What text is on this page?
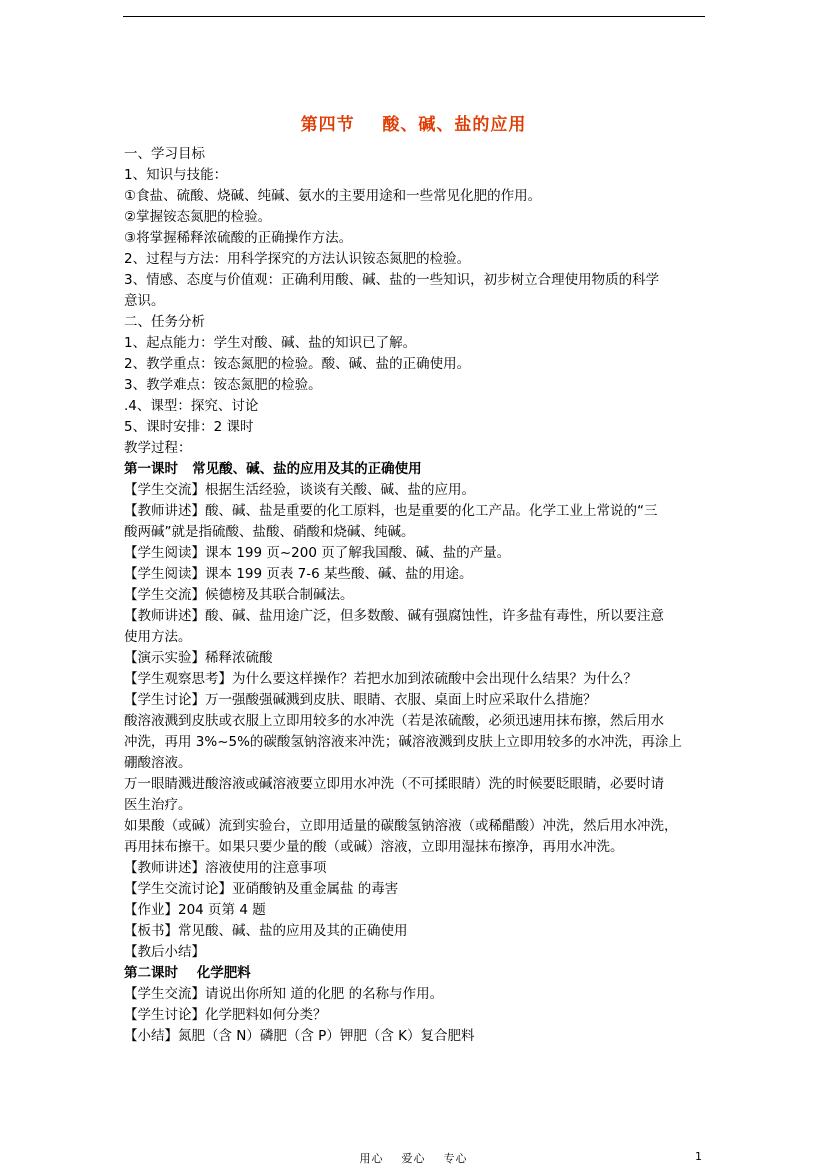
第四节    酸、碱、盐的应用
一、学习目标
1、知识与技能：
①食盐、硫酸、烧碱、纯碱、氨水的主要用途和一些常见化肥的作用。
②掌握铵态氮肥的检验。
③将掌握稀释浓硫酸的正确操作方法。
2、过程与方法：用科学探究的方法认识铵态氮肥的检验。
3、情感、态度与价值观：正确利用酸、碱、盐的一些知识，初步树立合理使用物质的科学
意识。
二、任务分析
1、起点能力：学生对酸、碱、盐的知识已了解。
2、教学重点：铵态氮肥的检验。酸、碱、盐的正确使用。
3、教学难点：铵态氮肥的检验。
.4、课型：探究、讨论
5、课时安排：2 课时
教学过程：
第一课时   常见酸、碱、盐的应用及其的正确使用
【学生交流】根据生活经验，谈谈有关酸、碱、盐的应用。
【教师讲述】酸、碱、盐是重要的化工原料，也是重要的化工产品。化学工业上常说的“三
酸两碱”就是指硫酸、盐酸、硝酸和烧碱、纯碱。
【学生阅读】课本 199 页~200 页了解我国酸、碱、盐的产量。
【学生阅读】课本 199 页表 7-6 某些酸、碱、盐的用途。
【学生交流】候德榜及其联合制碱法。
【教师讲述】酸、碱、盐用途广泛，但多数酸、碱有强腐蚀性，许多盐有毒性，所以要注意
使用方法。
【演示实验】稀释浓硫酸
【学生观察思考】为什么要这样操作？若把水加到浓硫酸中会出现什么结果？为什么？
【学生讨论】万一强酸强碱溅到皮肤、眼睛、衣服、桌面上时应采取什么措施？
酸溶液溅到皮肤或衣服上立即用较多的水冲洗（若是浓硫酸，必须迅速用抹布擦，然后用水
冲洗，再用 3%~5%的碳酸氢钠溶液来冲洗；碱溶液溅到皮肤上立即用较多的水冲洗，再涂上
硼酸溶液。
万一眼睛溅进酸溶液或碱溶液要立即用水冲洗（不可揉眼睛）洗的时候要眨眼睛，必要时请
医生治疗。
如果酸（或碱）流到实验台，立即用适量的碳酸氢钠溶液（或稀醋酸）冲洗，然后用水冲洗，
再用抹布擦干。如果只要少量的酸（或碱）溶液，立即用湿抹布擦净，再用水冲洗。
【教师讲述】溶液使用的注意事项
【学生交流讨论】亚硝酸钠及重金属盐 的毒害
【作业】204 页第 4 题
【板书】常见酸、碱、盐的应用及其的正确使用
【教后小结】
第二课时    化学肥料
【学生交流】请说出你所知 道的化肥 的名称与作用。
【学生讨论】化学肥料如何分类？
【小结】氮肥（含 N）磷肥（含 P）钾肥（含 K）复合肥料
用心    爱心    专心	1
